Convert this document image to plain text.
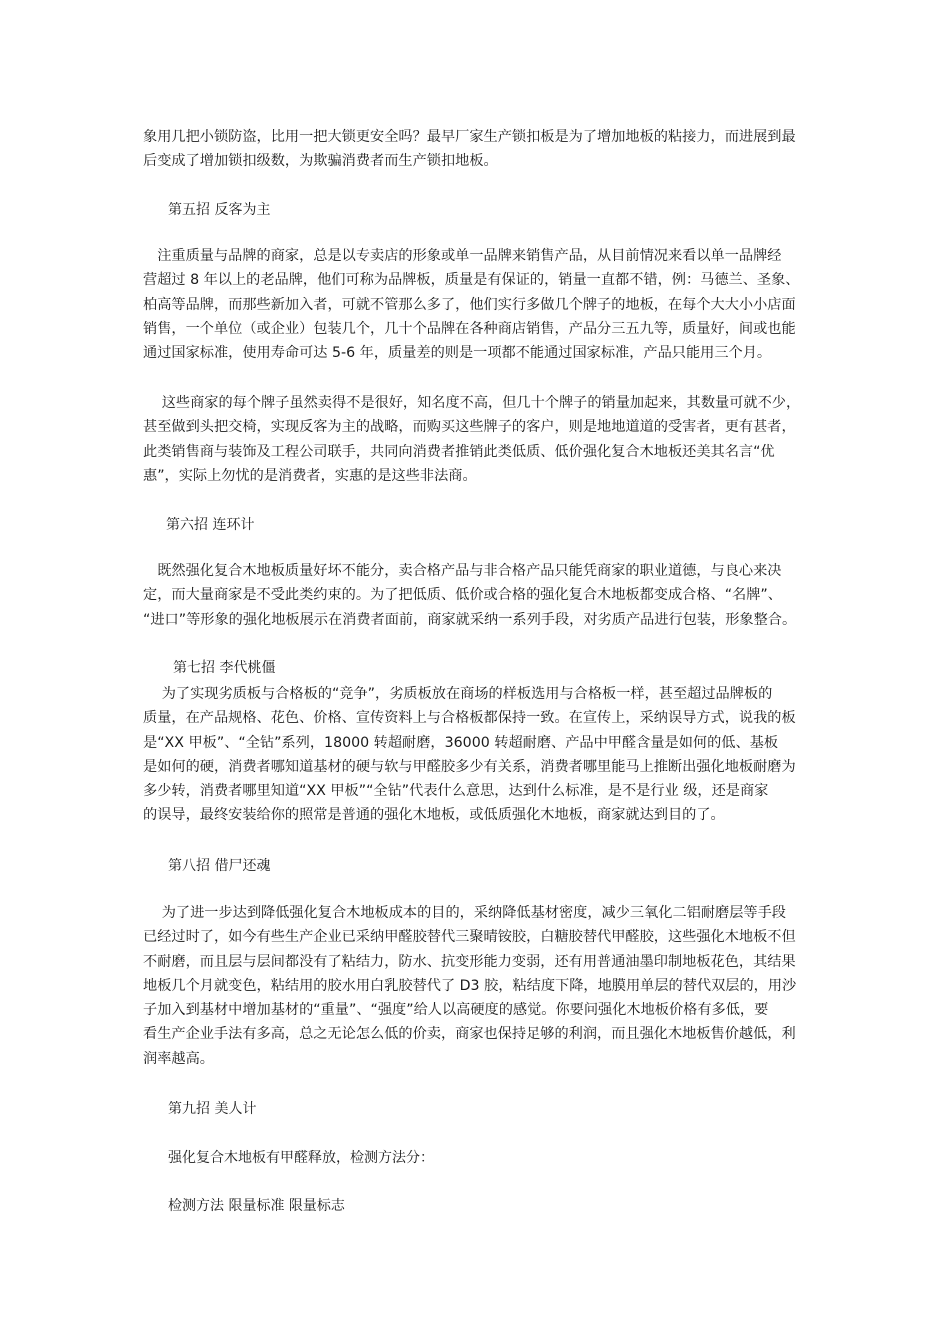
象用几把小锁防盗，比用一把大锁更安全吗？最早厂家生产锁扣板是为了增加地板的粘接力，而进展到最
后变成了增加锁扣级数，为欺骗消费者而生产锁扣地板。

第五招 反客为主

　注重质量与品牌的商家，总是以专卖店的形象或单一品牌来销售产品，从目前情况来看以单一品牌经
营超过 8 年以上的老品牌，他们可称为品牌板，质量是有保证的，销量一直都不错，例：马德兰、圣象、
柏高等品牌，而那些新加入者，可就不管那么多了，他们实行多做几个牌子的地板，在每个大大小小店面
销售，一个单位（或企业）包装几个，几十个品牌在各种商店销售，产品分三五九等，质量好，间或也能
通过国家标准，使用寿命可达 5-6 年，质量差的则是一项都不能通过国家标准，产品只能用三个月。

　 这些商家的每个牌子虽然卖得不是很好，知名度不高，但几十个牌子的销量加起来，其数量可就不少，
甚至做到头把交椅，实现反客为主的战略，而购买这些牌子的客户，则是地地道道的受害者，更有甚者，
此类销售商与装饰及工程公司联手，共同向消费者推销此类低质、低价强化复合木地板还美其名言“优
惠”，实际上勿忧的是消费者，实惠的是这些非法商。

第六招 连环计

　既然强化复合木地板质量好坏不能分，卖合格产品与非合格产品只能凭商家的职业道德，与良心来决
定，而大量商家是不受此类约束的。为了把低质、低价或合格的强化复合木地板都变成合格、“名牌”、
“进口”等形象的强化地板展示在消费者面前，商家就采纳一系列手段，对劣质产品进行包装，形象整合。

第七招 李代桃僵

　 为了实现劣质板与合格板的“竞争”，劣质板放在商场的样板选用与合格板一样，甚至超过品牌板的
质量，在产品规格、花色、价格、宣传资料上与合格板都保持一致。在宣传上，采纳误导方式，说我的板
是“XX 甲板”、“全钻”系列，18000 转超耐磨，36000 转超耐磨、产品中甲醛含量是如何的低、基板
是如何的硬，消费者哪知道基材的硬与软与甲醛胶多少有关系，消费者哪里能马上推断出强化地板耐磨为
多少转，消费者哪里知道“XX 甲板”“全钻”代表什么意思，达到什么标准，是不是行业 级，还是商家
的误导，最终安装给你的照常是普通的强化木地板，或低质强化木地板，商家就达到目的了。

第八招 借尸还魂

　 为了进一步达到降低强化复合木地板成本的目的，采纳降低基材密度，减少三氧化二铝耐磨层等手段
已经过时了，如今有些生产企业已采纳甲醛胶替代三聚晴铵胶，白糖胶替代甲醛胶，这些强化木地板不但
不耐磨，而且层与层间都没有了粘结力，防水、抗变形能力变弱，还有用普通油墨印制地板花色，其结果
地板几个月就变色，粘结用的胶水用白乳胶替代了 D3 胶，粘结度下降，地膜用单层的替代双层的，用沙
子加入到基材中增加基材的“重量”、“强度”给人以高硬度的感觉。你要问强化木地板价格有多低，要
看生产企业手法有多高，总之无论怎么低的价卖，商家也保持足够的利润，而且强化木地板售价越低，利
润率越高。

第九招 美人计

强化复合木地板有甲醛释放，检测方法分：

检测方法 限量标准 限量标志
